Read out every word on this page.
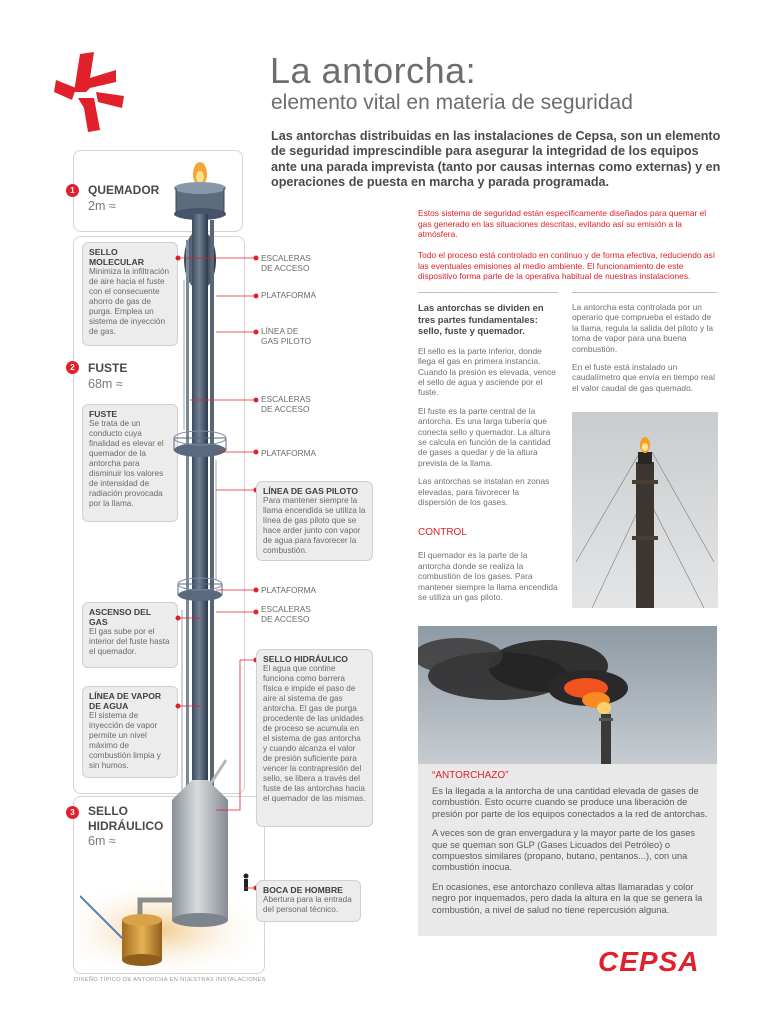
La antorcha:
elemento vital en materia de seguridad
Las antorchas distribuidas en las instalaciones de Cepsa, son un elemento de seguridad imprescindible para asegurar la integridad de los equipos ante una parada imprevista (tanto por causas internas como externas) y en operaciones de puesta en marcha y parada programada.
Estos sistema de seguridad están específicamente diseñados para quemar el gas generado en las situaciones descritas, evitando así su emisión a la atmósfera.
Todo el proceso está controlado en continuo y de forma efectiva, reduciendo así las eventuales emisiones al medio ambiente. El funcionamiento de este dispositivo forma parte de la operativa habitual de nuestras instalaciones.
Las antorchas se dividen en tres partes fundamentales: sello, fuste y quemador.

El sello es la parte inferior, donde llega el gas en primera instancia. Cuando la presión es elevada, vence el sello de agua y asciende por el fuste.

El fuste es la parte central de la antorcha. Es una larga tubería que conecta sello y quemador. La altura se calcula en función de la cantidad de gases a quedar y de la altura prevista de la llama.

Las antorchas se instalan en zonas elevadas, para favorecer la dispersión de los gases.

CONTROL
El quemador es la parte de la antorcha donde se realiza la combustión de los gases. Para mantener siempre la llama encendida se utiliza un gas piloto.

La antorcha esta controlada por un operario que comprueba el estado de la llama, regula la salida del piloto y la toma de vapor para una buena combustión.

En el fuste está instalado un caudalímetro que envía en tiempo real el valor caudal de gas quemado.

“ANTORCHAZO”

Es la llegada a la antorcha de una cantidad elevada de gases de combustión. Esto ocurre cuando se produce una liberación de presión por parte de los equipos conectados a la red de antorchas.

A veces son de gran envergadura y la mayor parte de los gases que se queman son GLP (Gases Licuados del Petróleo) o compuestos similares (propano, butano, pentanos...), con una combustión inocua.

En ocasiones, ese antorchazo conlleva altas llamaradas y color negro por inquemados, pero dada la altura en la que se genera la combustión, a nivel de salud no tiene repercusión alguna.

CEPSA
1	QUEMADOR
2m ≈
2	FUSTE
68m ≈
3	SELLO
HIDRÁULICO
6m ≈
SELLO MOLECULAR
Minimiza la infiltración de aire hacia el fuste con el consecuente ahorro de gas de purga. Emplea un sistema de inyección de gas.
FUSTE
Se trata de un conducto cuya finalidad es elevar el quemador de la antorcha para disminuir los valores de intensidad de radiación provocada por la llama.
ASCENSO DEL GAS
El gas sube por el interior del fuste hasta el quemador.
LÍNEA DE VAPOR DE AGUA
El sistema de inyección de vapor permite un nivel máximo de combustión limpia y sin humos.
ESCALERAS
DE ACCESO
PLATAFORMA
LÍNEA DE
GAS PILOTO
ESCALERAS
DE ACCESO
PLATAFORMA
PLATAFORMA
ESCALERAS
DE ACCESO
LÍNEA DE GAS PILOTO
Para mantener siempre la llama encendida se utiliza la línea de gas piloto que se hace arder junto con vapor de agua para favorecer la combustión.
SELLO HIDRÁULICO
El agua que contine funciona como barrera física e impide el paso de aire al sistema de gas antorcha. El gas de purga procedente de las unidades de proceso se acumula en el sistema de gas antorcha y cuando alcanza el valor de presión suficiente para vencer la contrapresión del sello, se libera a través del fuste de las antorchas hacia el quemador de las mismas.
BOCA DE HOMBRE
Abertura para la entrada del personal técnico.
DISEÑO TÍPICO DE ANTORCHA EN NUESTRAS INSTALACIONES
